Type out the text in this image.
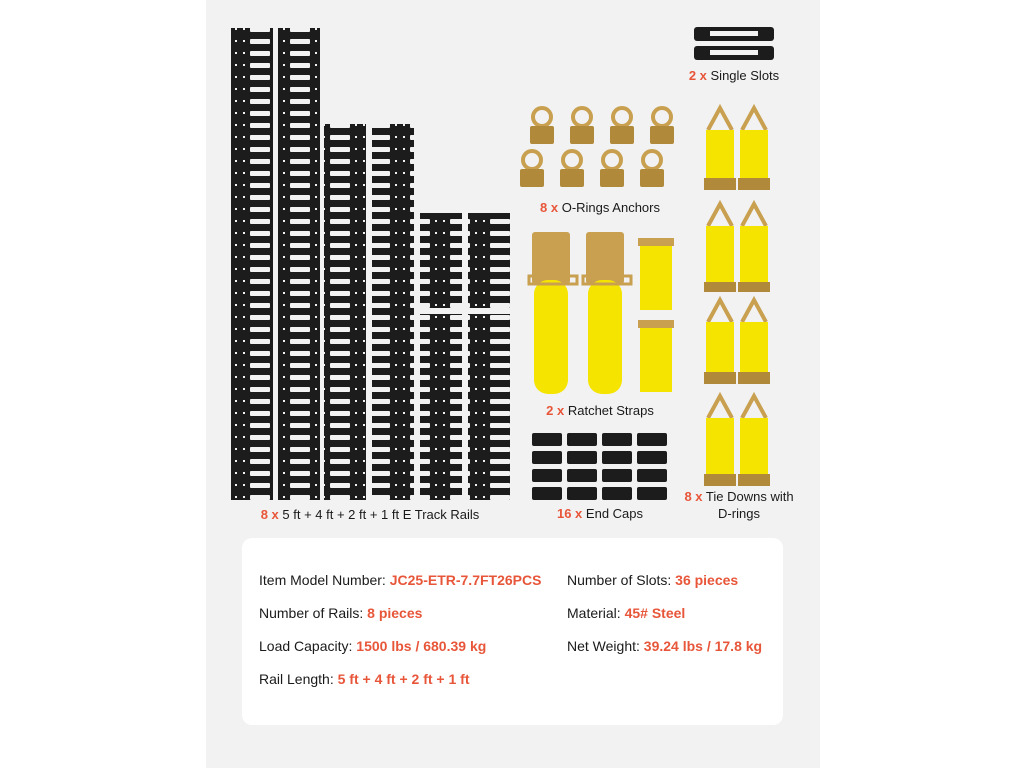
2 x Single Slots
8 x O-Rings Anchors
2 x Ratchet Straps
16 x End Caps
8 x Tie Downs with
D-rings
8 x 5 ft + 4 ft + 2 ft + 1 ft E Track Rails
Item Model Number: JC25-ETR-7.7FT26PCS Number of Slots: 36 pieces
Number of Rails: 8 pieces	Material: 45# Steel
Load Capacity: 1500 lbs / 680.39 kg	Net Weight: 39.24 lbs / 17.8 kg
Rail Length: 5 ft + 4 ft + 2 ft + 1 ft
